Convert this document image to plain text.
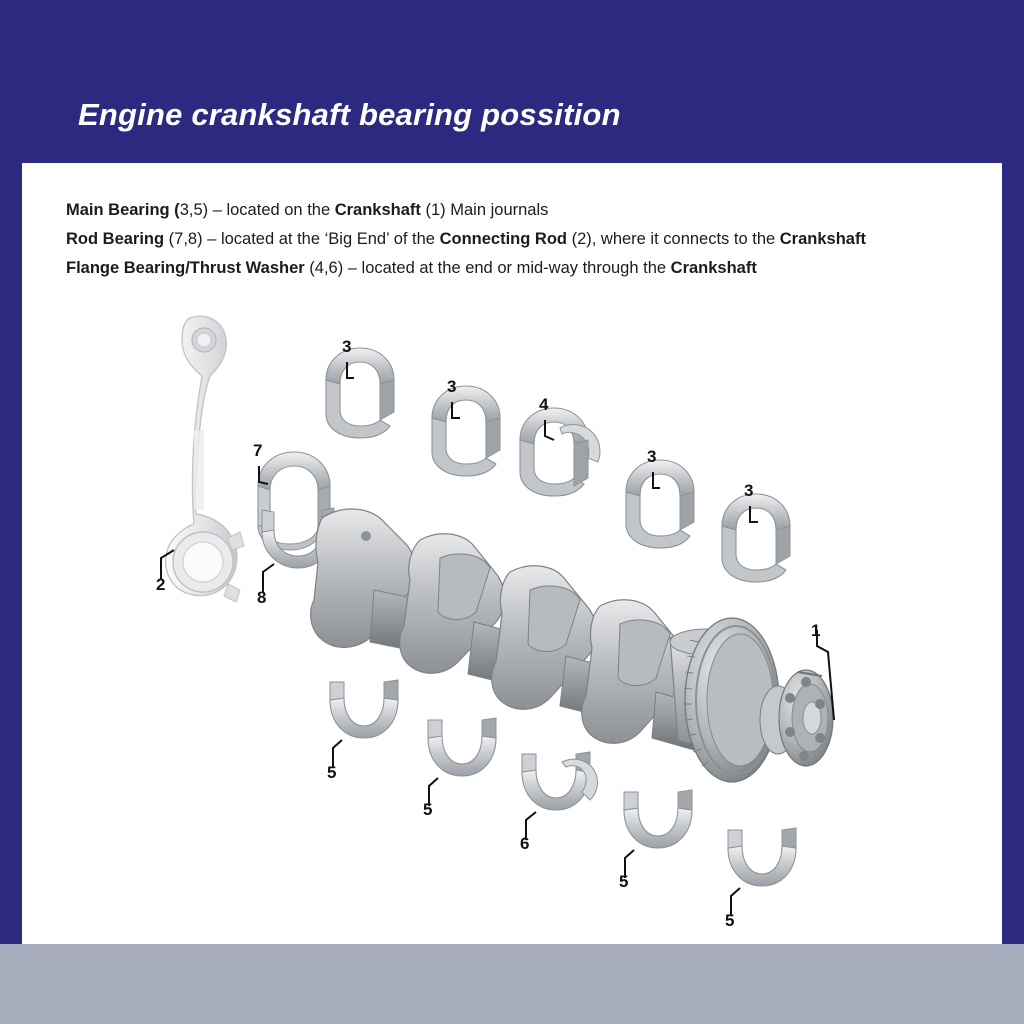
Engine crankshaft bearing possition
Main Bearing (3,5) – located on the Crankshaft (1) Main journals
Rod Bearing (7,8) – located at the ‘Big End’ of the Connecting Rod (2), where it connects to the Crankshaft
Flange Bearing/Thrust Washer (4,6) – located at the end or mid-way through the Crankshaft
3
3
4
3
3
7
2
8
1
5
5
6
5
5
